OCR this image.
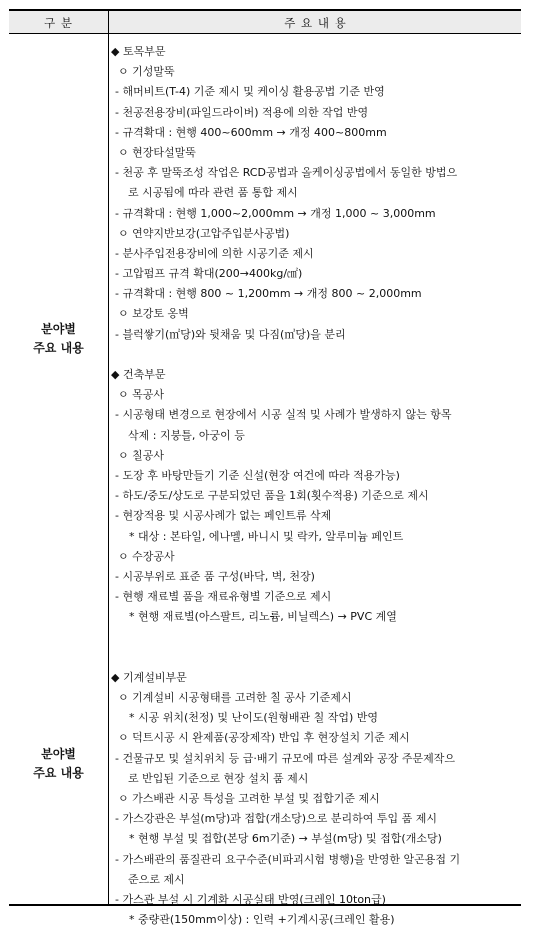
구 분	주 요 내 용
분야별
주요 내용
분야별
주요 내용
◆ 토목부문
ㅇ 기성말뚝
- 해머비트(T-4) 기준 제시 및 케이싱 활용공법 기준 반영
- 천공전용장비(파일드라이버) 적용에 의한 작업 반영
- 규격확대 : 현행 400~600mm → 개정 400~800mm
ㅇ 현장타설말뚝
- 천공 후 말뚝조성 작업은 RCD공법과 올케이싱공법에서 동일한 방법으
로 시공됨에 따라 관련 품 통합 제시
- 규격확대 : 현행 1,000~2,000mm → 개정 1,000 ~ 3,000mm
ㅇ 연약지반보강(고압주입분사공법)
- 분사주입전용장비에 의한 시공기준 제시
- 고압펌프 규격 확대(200→400kg/㎠)
- 규격확대 : 현행 800 ~ 1,200mm → 개정 800 ~ 2,000mm
ㅇ 보강토 옹벽
- 블럭쌓기(㎡당)와 뒷채움 및 다짐(㎥당)을 분리
◆ 건축부문
ㅇ 목공사
- 시공형태 변경으로 현장에서 시공 실적 및 사례가 발생하지 않는 항목
삭제 : 지붕틀, 아궁이 등
ㅇ 칠공사
- 도장 후 바탕만들기 기준 신설(현장 여건에 따라 적용가능)
- 하도/중도/상도로 구분되었던 품을 1회(횟수적용) 기준으로 제시
- 현장적용 및 시공사례가 없는 페인트류 삭제
* 대상 : 본타일, 에나멜, 바니시 및 락카, 알루미늄 페인트
ㅇ 수장공사
- 시공부위로 표준 품 구성(바닥, 벽, 천장)
- 현행 재료별 품을 재료유형별 기준으로 제시
* 현행 재료별(아스팔트, 리노륨, 비닐렉스) → PVC 계열
◆ 기계설비부문
ㅇ 기계설비 시공형태를 고려한 칠 공사 기준제시
* 시공 위치(천정) 및 난이도(원형배관 칠 작업) 반영
ㅇ 덕트시공 시 완제품(공장제작) 반입 후 현장설치 기준 제시
- 건물규모 및 설치위치 등 급·배기 규모에 따른 설계와 공장 주문제작으
로 반입된 기준으로 현장 설치 품 제시
ㅇ 가스배관 시공 특성을 고려한 부설 및 접합기준 제시
- 가스강관은 부설(m당)과 접합(개소당)으로 분리하여 투입 품 제시
* 현행 부설 및 접합(본당 6m기준) → 부설(m당) 및 접합(개소당)
- 가스배관의 품질관리 요구수준(비파괴시험 병행)을 반영한 알곤용접 기
준으로 제시
- 가스관 부설 시 기계화 시공실태 반영(크레인 10ton급)
* 중량관(150mm이상) : 인력 +기계시공(크레인 활용)
